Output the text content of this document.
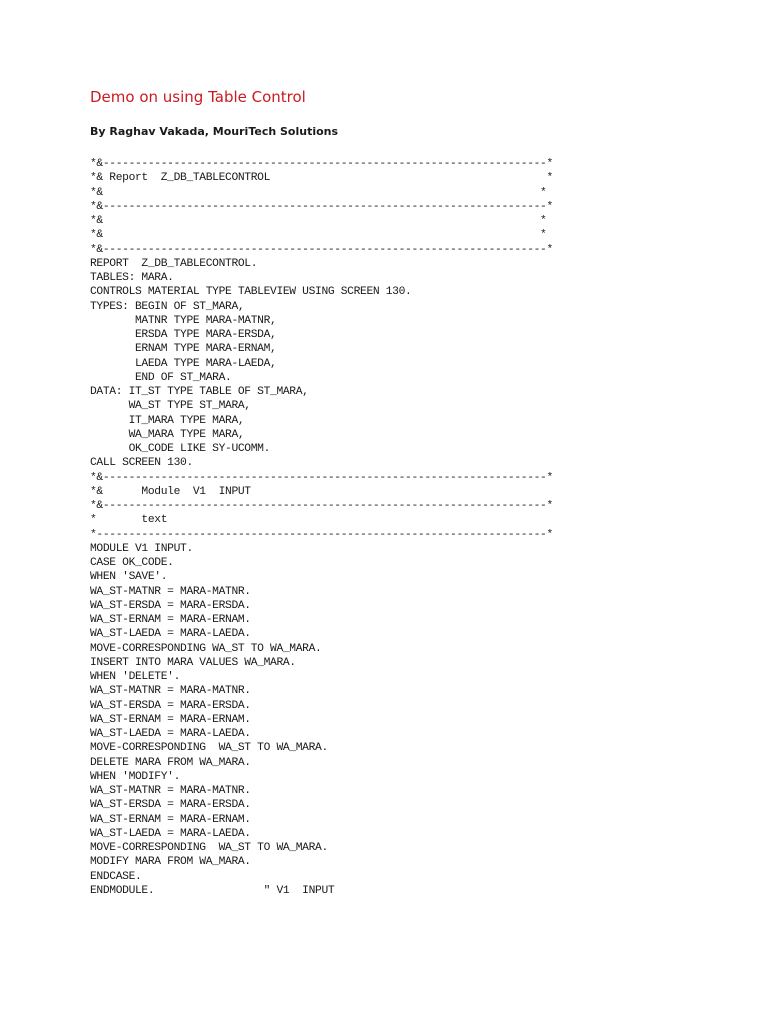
Demo on using Table Control

By Raghav Vakada, MouriTech Solutions

*&---------------------------------------------------------------------*
*& Report  Z_DB_TABLECONTROL                                           *
*&                                                                    *
*&---------------------------------------------------------------------*
*&                                                                    *
*&                                                                    *
*&---------------------------------------------------------------------*
REPORT  Z_DB_TABLECONTROL.
TABLES: MARA.
CONTROLS MATERIAL TYPE TABLEVIEW USING SCREEN 130.
TYPES: BEGIN OF ST_MARA,
MATNR TYPE MARA-MATNR,
ERSDA TYPE MARA-ERSDA,
ERNAM TYPE MARA-ERNAM,
LAEDA TYPE MARA-LAEDA,
END OF ST_MARA.
DATA: IT_ST TYPE TABLE OF ST_MARA,
WA_ST TYPE ST_MARA,
IT_MARA TYPE MARA,
WA_MARA TYPE MARA,
OK_CODE LIKE SY-UCOMM.
CALL SCREEN 130.
*&---------------------------------------------------------------------*
*&      Module  V1  INPUT
*&---------------------------------------------------------------------*
*       text
*----------------------------------------------------------------------*
MODULE V1 INPUT.
CASE OK_CODE.
WHEN 'SAVE'.
WA_ST-MATNR = MARA-MATNR.
WA_ST-ERSDA = MARA-ERSDA.
WA_ST-ERNAM = MARA-ERNAM.
WA_ST-LAEDA = MARA-LAEDA.
MOVE-CORRESPONDING WA_ST TO WA_MARA.
INSERT INTO MARA VALUES WA_MARA.
WHEN 'DELETE'.
WA_ST-MATNR = MARA-MATNR.
WA_ST-ERSDA = MARA-ERSDA.
WA_ST-ERNAM = MARA-ERNAM.
WA_ST-LAEDA = MARA-LAEDA.
MOVE-CORRESPONDING  WA_ST TO WA_MARA.
DELETE MARA FROM WA_MARA.
WHEN 'MODIFY'.
WA_ST-MATNR = MARA-MATNR.
WA_ST-ERSDA = MARA-ERSDA.
WA_ST-ERNAM = MARA-ERNAM.
WA_ST-LAEDA = MARA-LAEDA.
MOVE-CORRESPONDING  WA_ST TO WA_MARA.
MODIFY MARA FROM WA_MARA.
ENDCASE.
ENDMODULE.                 " V1  INPUT
